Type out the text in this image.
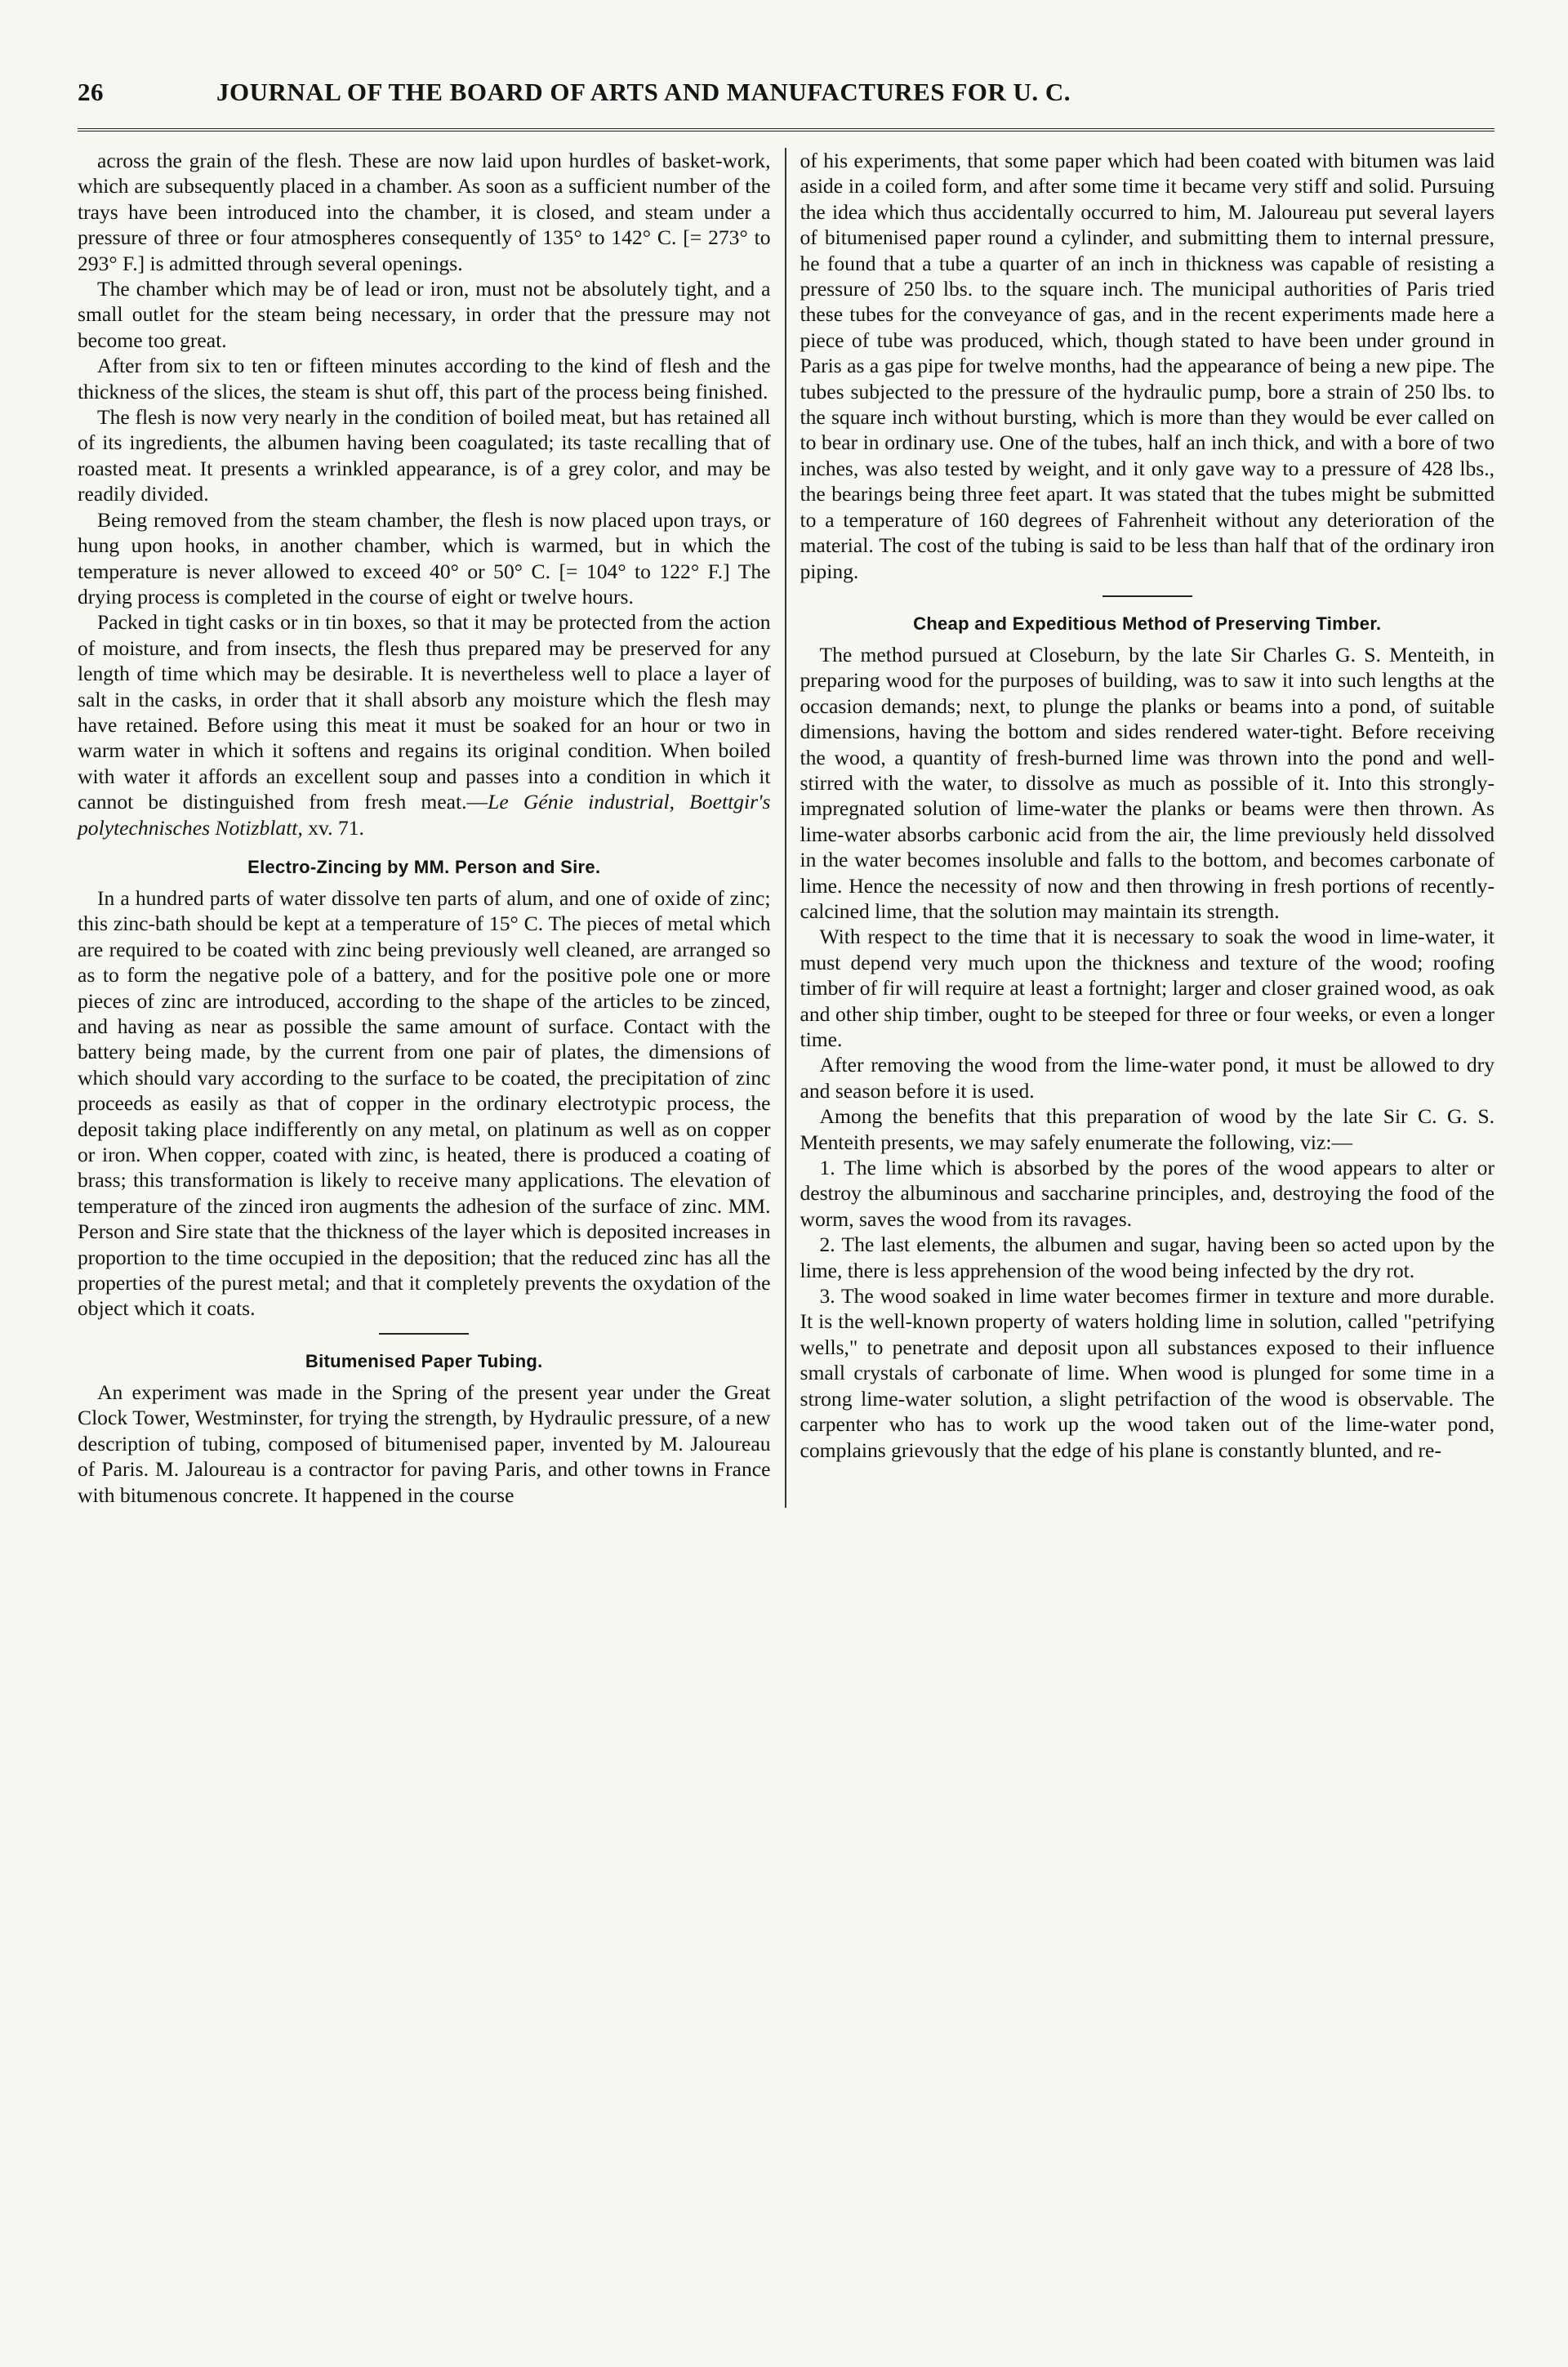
26	JOURNAL OF THE BOARD OF ARTS AND MANUFACTURES FOR U. C.

across the grain of the flesh. These are now laid upon hurdles of basket-work, which are subsequently placed in a chamber. As soon as a sufficient number of the trays have been introduced into the chamber, it is closed, and steam under a pressure of three or four atmospheres consequently of 135° to 142° C. [= 273° to 293° F.] is admitted through several openings.

The chamber which may be of lead or iron, must not be absolutely tight, and a small outlet for the steam being necessary, in order that the pressure may not become too great.

After from six to ten or fifteen minutes according to the kind of flesh and the thickness of the slices, the steam is shut off, this part of the process being finished.

The flesh is now very nearly in the condition of boiled meat, but has retained all of its ingredients, the albumen having been coagulated; its taste recalling that of roasted meat. It presents a wrinkled appearance, is of a grey color, and may be readily divided.

Being removed from the steam chamber, the flesh is now placed upon trays, or hung upon hooks, in another chamber, which is warmed, but in which the temperature is never allowed to exceed 40° or 50° C. [= 104° to 122° F.] The drying process is completed in the course of eight or twelve hours.

Packed in tight casks or in tin boxes, so that it may be protected from the action of moisture, and from insects, the flesh thus prepared may be preserved for any length of time which may be desirable. It is nevertheless well to place a layer of salt in the casks, in order that it shall absorb any moisture which the flesh may have retained. Before using this meat it must be soaked for an hour or two in warm water in which it softens and regains its original condition. When boiled with water it affords an excellent soup and passes into a condition in which it cannot be distinguished from fresh meat.—Le Génie industrial, Boettgir's polytechnisches Notizblatt, xv. 71.

Electro-Zincing by MM. Person and Sire.

In a hundred parts of water dissolve ten parts of alum, and one of oxide of zinc; this zinc-bath should be kept at a temperature of 15° C. The pieces of metal which are required to be coated with zinc being previously well cleaned, are arranged so as to form the negative pole of a battery, and for the positive pole one or more pieces of zinc are introduced, according to the shape of the articles to be zinced, and having as near as possible the same amount of surface. Contact with the battery being made, by the current from one pair of plates, the dimensions of which should vary according to the surface to be coated, the precipitation of zinc proceeds as easily as that of copper in the ordinary electrotypic process, the deposit taking place indifferently on any metal, on platinum as well as on copper or iron. When copper, coated with zinc, is heated, there is produced a coating of brass; this transformation is likely to receive many applications. The elevation of temperature of the zinced iron augments the adhesion of the surface of zinc. MM. Person and Sire state that the thickness of the layer which is deposited increases in proportion to the time occupied in the deposition; that the reduced zinc has all the properties of the purest metal; and that it completely prevents the oxydation of the object which it coats.

Bitumenised Paper Tubing.

An experiment was made in the Spring of the present year under the Great Clock Tower, Westminster, for trying the strength, by Hydraulic pressure, of a new description of tubing, composed of bitumenised paper, invented by M. Jaloureau of Paris. M. Jaloureau is a contractor for paving Paris, and other towns in France with bitumenous concrete. It happened in the course

of his experiments, that some paper which had been coated with bitumen was laid aside in a coiled form, and after some time it became very stiff and solid. Pursuing the idea which thus accidentally occurred to him, M. Jaloureau put several layers of bitumenised paper round a cylinder, and submitting them to internal pressure, he found that a tube a quarter of an inch in thickness was capable of resisting a pressure of 250 lbs. to the square inch. The municipal authorities of Paris tried these tubes for the conveyance of gas, and in the recent experiments made here a piece of tube was produced, which, though stated to have been under ground in Paris as a gas pipe for twelve months, had the appearance of being a new pipe. The tubes subjected to the pressure of the hydraulic pump, bore a strain of 250 lbs. to the square inch without bursting, which is more than they would be ever called on to bear in ordinary use. One of the tubes, half an inch thick, and with a bore of two inches, was also tested by weight, and it only gave way to a pressure of 428 lbs., the bearings being three feet apart. It was stated that the tubes might be submitted to a temperature of 160 degrees of Fahrenheit without any deterioration of the material. The cost of the tubing is said to be less than half that of the ordinary iron piping.

Cheap and Expeditious Method of Preserving Timber.

The method pursued at Closeburn, by the late Sir Charles G. S. Menteith, in preparing wood for the purposes of building, was to saw it into such lengths at the occasion demands; next, to plunge the planks or beams into a pond, of suitable dimensions, having the bottom and sides rendered water-tight. Before receiving the wood, a quantity of fresh-burned lime was thrown into the pond and well-stirred with the water, to dissolve as much as possible of it. Into this strongly-impregnated solution of lime-water the planks or beams were then thrown. As lime-water absorbs carbonic acid from the air, the lime previously held dissolved in the water becomes insoluble and falls to the bottom, and becomes carbonate of lime. Hence the necessity of now and then throwing in fresh portions of recently-calcined lime, that the solution may maintain its strength.

With respect to the time that it is necessary to soak the wood in lime-water, it must depend very much upon the thickness and texture of the wood; roofing timber of fir will require at least a fortnight; larger and closer grained wood, as oak and other ship timber, ought to be steeped for three or four weeks, or even a longer time.

After removing the wood from the lime-water pond, it must be allowed to dry and season before it is used.

Among the benefits that this preparation of wood by the late Sir C. G. S. Menteith presents, we may safely enumerate the following, viz:—

1. The lime which is absorbed by the pores of the wood appears to alter or destroy the albuminous and saccharine principles, and, destroying the food of the worm, saves the wood from its ravages.

2. The last elements, the albumen and sugar, having been so acted upon by the lime, there is less apprehension of the wood being infected by the dry rot.

3. The wood soaked in lime water becomes firmer in texture and more durable. It is the well-known property of waters holding lime in solution, called "petrifying wells," to penetrate and deposit upon all substances exposed to their influence small crystals of carbonate of lime. When wood is plunged for some time in a strong lime-water solution, a slight petrifaction of the wood is observable. The carpenter who has to work up the wood taken out of the lime-water pond, complains grievously that the edge of his plane is constantly blunted, and re-
